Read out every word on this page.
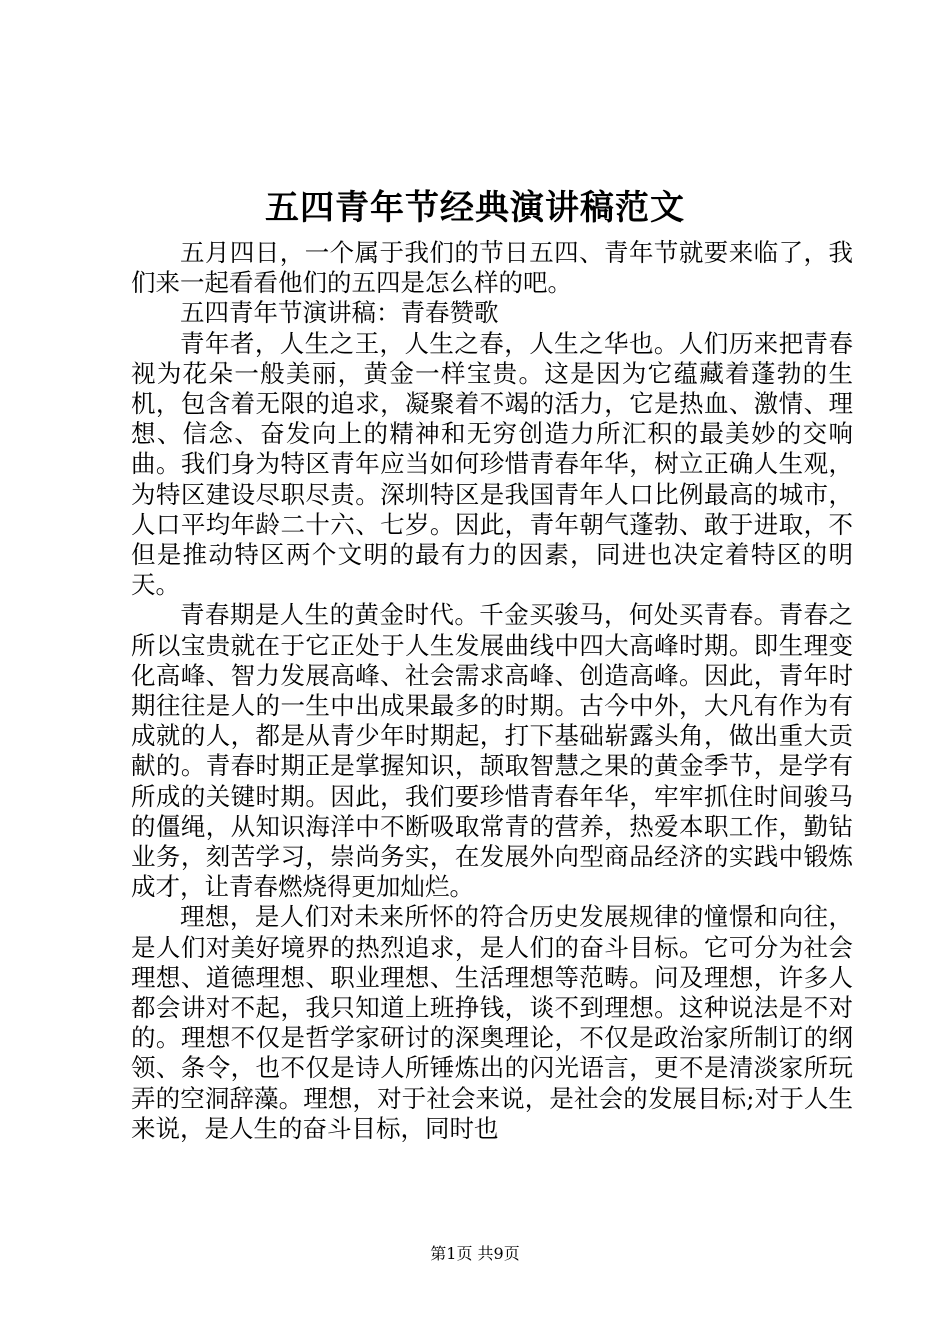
五四青年节经典演讲稿范文

五月四日，一个属于我们的节日五四、青年节就要来临了，我们来一起看看他们的五四是怎么样的吧。

五四青年节演讲稿：青春赞歌

青年者，人生之王，人生之春，人生之华也。人们历来把青春视为花朵一般美丽，黄金一样宝贵。这是因为它蕴藏着蓬勃的生机，包含着无限的追求，凝聚着不竭的活力，它是热血、激情、理想、信念、奋发向上的精神和无穷创造力所汇积的最美妙的交响曲。我们身为特区青年应当如何珍惜青春年华，树立正确人生观，为特区建设尽职尽责。深圳特区是我国青年人口比例最高的城市，人口平均年龄二十六、七岁。因此，青年朝气蓬勃、敢于进取，不但是推动特区两个文明的最有力的因素，同进也决定着特区的明天。

青春期是人生的黄金时代。千金买骏马，何处买青春。青春之所以宝贵就在于它正处于人生发展曲线中四大高峰时期。即生理变化高峰、智力发展高峰、社会需求高峰、创造高峰。因此，青年时期往往是人的一生中出成果最多的时期。古今中外，大凡有作为有成就的人，都是从青少年时期起，打下基础崭露头角，做出重大贡献的。青春时期正是掌握知识，颉取智慧之果的黄金季节，是学有所成的关键时期。因此，我们要珍惜青春年华，牢牢抓住时间骏马的僵绳，从知识海洋中不断吸取常青的营养，热爱本职工作，勤钻业务，刻苦学习，崇尚务实，在发展外向型商品经济的实践中锻炼成才，让青春燃烧得更加灿烂。

理想，是人们对未来所怀的符合历史发展规律的憧憬和向往，是人们对美好境界的热烈追求，是人们的奋斗目标。它可分为社会理想、道德理想、职业理想、生活理想等范畴。问及理想，许多人都会讲对不起，我只知道上班挣钱，谈不到理想。这种说法是不对的。理想不仅是哲学家研讨的深奥理论，不仅是政治家所制订的纲领、条令，也不仅是诗人所锤炼出的闪光语言，更不是清淡家所玩弄的空洞辞藻。理想，对于社会来说，是社会的发展目标;对于人生来说，是人生的奋斗目标，同时也

第1页 共9页
